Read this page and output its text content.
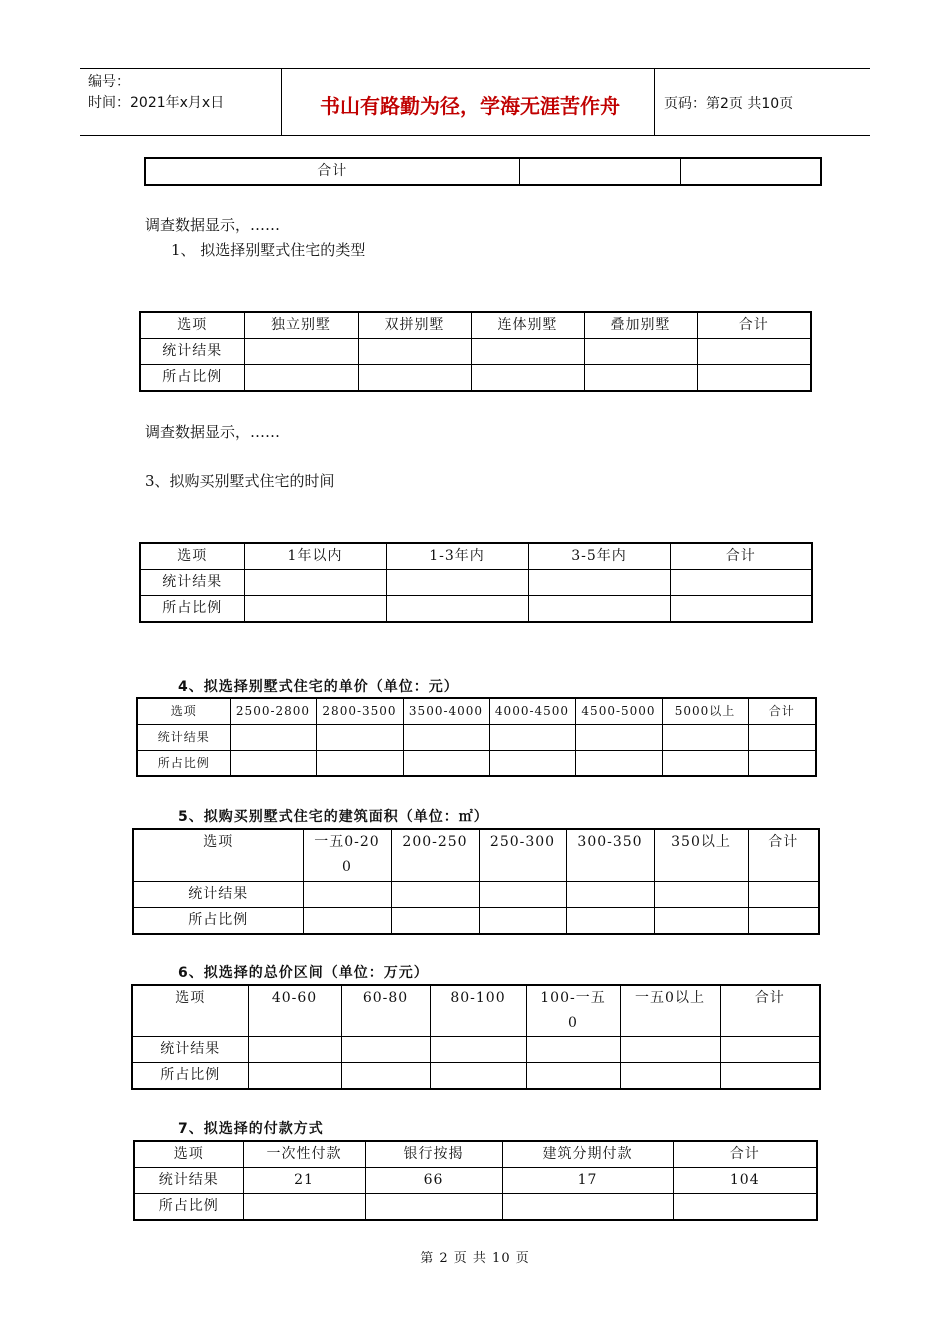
编号：
时间：2021年x月x日	书山有路勤为径，学海无涯苦作舟	页码：第2页 共10页
合计		
调查数据显示，……
1、 拟选择别墅式住宅的类型
选项	独立别墅	双拼别墅	连体别墅	叠加别墅	合计
统计结果					
所占比例					
调查数据显示，……
3、拟购买别墅式住宅的时间
选项	1年以内	1-3年内	3-5年内	合计
统计结果				
所占比例				
4、拟选择别墅式住宅的单价（单位：元）
选项	2500-2800	2800-3500	3500-4000	4000-4500	4500-5000	5000以上	合计
统计结果							
所占比例							
5、拟购买别墅式住宅的建筑面积（单位：㎡）
选项	一五0-200	200-250	250-300	300-350	350以上	合计
统计结果						
所占比例						
6、拟选择的总价区间（单位：万元）
选项	40-60	60-80	80-100	100-一五0	一五0以上	合计
统计结果						
所占比例						
7、拟选择的付款方式
选项	一次性付款	银行按揭	建筑分期付款	合计
统计结果	21	66	17	104
所占比例				
第 2 页 共 10 页
